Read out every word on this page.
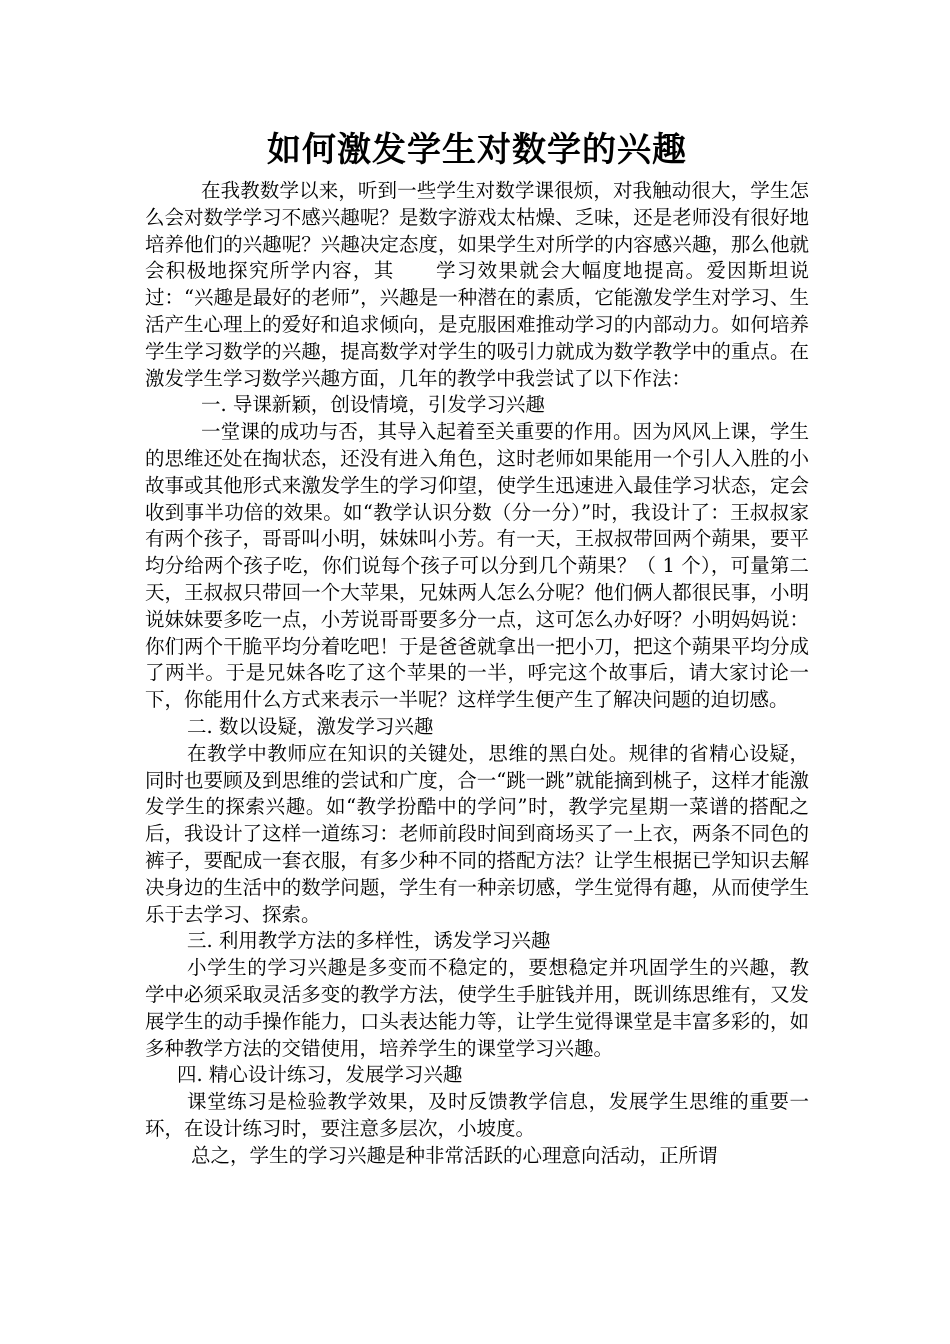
如何激发学生对数学的兴趣

在我教数学以来，听到一些学生对数学课很烦，对我触动很大，学生怎么会对数学学习不感兴趣呢？是数字游戏太枯燥、乏味，还是老师没有很好地培养他们的兴趣呢？兴趣决定态度，如果学生对所学的内容感兴趣，那么他就会积极地探究所学内容，其　　学习效果就会大幅度地提高。爱因斯坦说过：“兴趣是最好的老师”，兴趣是一种潜在的素质，它能激发学生对学习、生活产生心理上的爱好和追求倾向，是克服困难推动学习的内部动力。如何培养学生学习数学的兴趣，提高数学对学生的吸引力就成为数学教学中的重点。在激发学生学习数学兴趣方面，几年的教学中我尝试了以下作法：

一. 导课新颖，创设情境，引发学习兴趣

一堂课的成功与否，其导入起着至关重要的作用。因为风风上课，学生的思维还处在掏状态，还没有进入角色，这时老师如果能用一个引人入胜的小故事或其他形式来激发学生的学习仰望，使学生迅速进入最佳学习状态，定会收到事半功倍的效果。如“教学认识分数（分一分）”时，我设计了：王叔叔家有两个孩子，哥哥叫小明，妹妹叫小芳。有一天，王叔叔带回两个蒴果，要平均分给两个孩子吃，你们说每个孩子可以分到几个蒴果？（ 1 个），可量第二天，王叔叔只带回一个大苹果，兄妹两人怎么分呢？他们俩人都很民事，小明说妹妹要多吃一点，小芳说哥哥要多分一点，这可怎么办好呀？小明妈妈说：你们两个干脆平均分着吃吧！于是爸爸就拿出一把小刀，把这个蒴果平均分成了两半。于是兄妹各吃了这个苹果的一半，呼完这个故事后，请大家讨论一下，你能用什么方式来表示一半呢？这样学生便产生了解决问题的迫切感。

二. 数以设疑，激发学习兴趣

在教学中教师应在知识的关键处，思维的黑白处。规律的省精心设疑，同时也要顾及到思维的尝试和广度，合一“跳一跳”就能摘到桃子，这样才能激发学生的探索兴趣。如“教学扮酷中的学问”时，教学完星期一菜谱的搭配之后，我设计了这样一道练习：老师前段时间到商场买了一上衣，两条不同色的裤子，要配成一套衣服，有多少种不同的搭配方法？让学生根据已学知识去解决身边的生活中的数学问题，学生有一种亲切感，学生觉得有趣，从而使学生乐于去学习、探索。

三. 利用教学方法的多样性，诱发学习兴趣

小学生的学习兴趣是多变而不稳定的，要想稳定并巩固学生的兴趣，教学中必须采取灵活多变的教学方法，使学生手脏钱并用，既训练思维有，又发展学生的动手操作能力，口头表达能力等，让学生觉得课堂是丰富多彩的，如多种教学方法的交错使用，培养学生的课堂学习兴趣。

四. 精心设计练习，发展学习兴趣

课堂练习是检验教学效果，及时反馈教学信息，发展学生思维的重要一环，在设计练习时，要注意多层次，小坡度。

总之，学生的学习兴趣是种非常活跃的心理意向活动，正所谓
